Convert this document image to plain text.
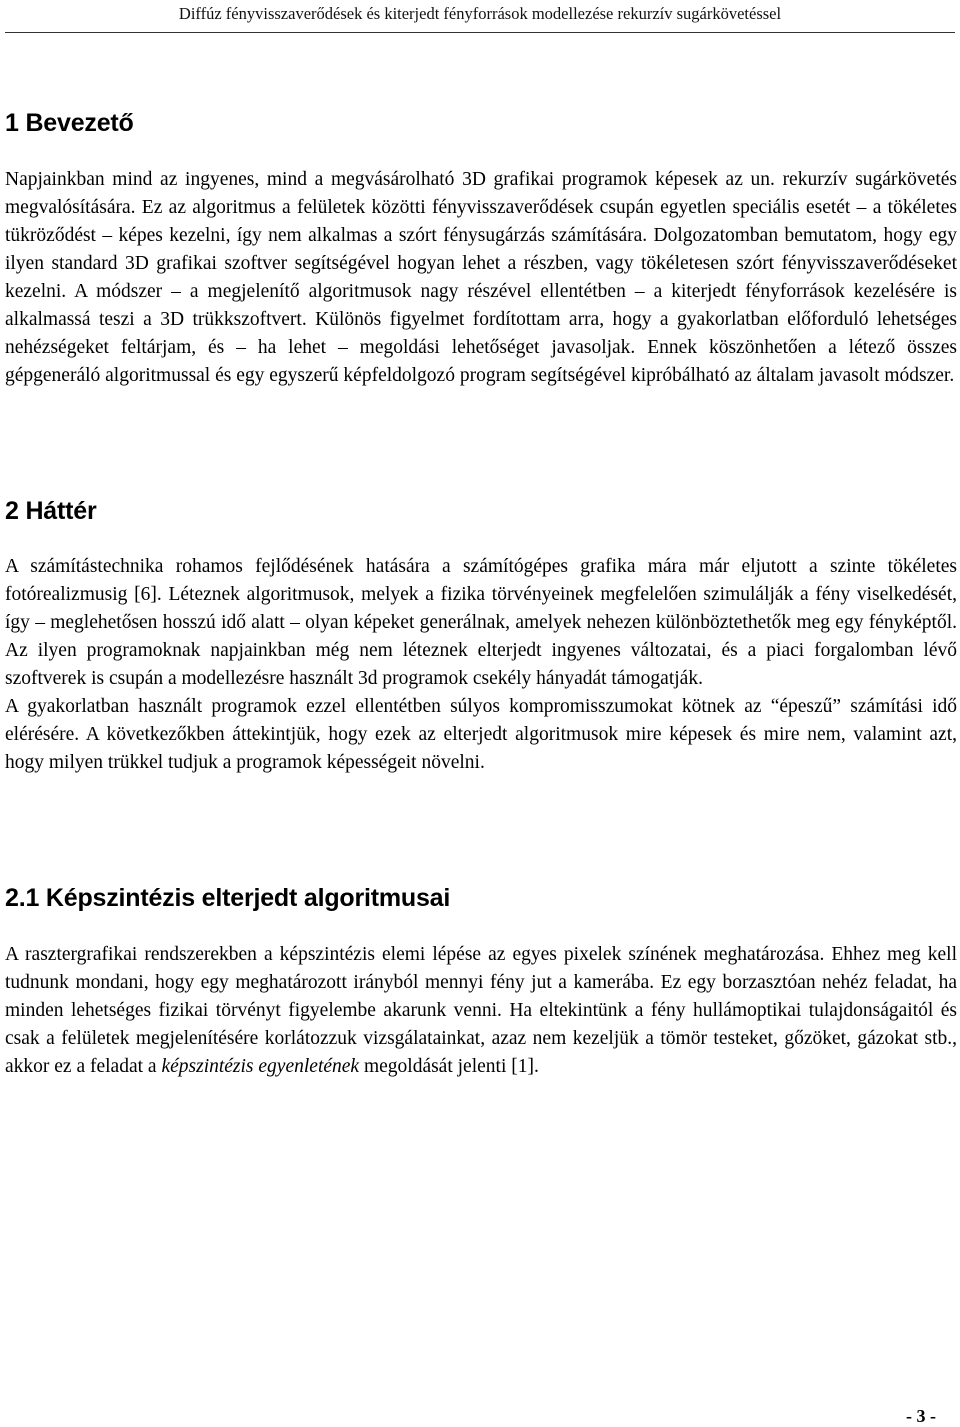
Diffúz fényvisszaverődések és kiterjedt fényforrások modellezése rekurzív sugárkövetéssel
1 Bevezető

Napjainkban mind az ingyenes, mind a megvásárolható 3D grafikai programok képesek az un. rekurzív sugárkövetés megvalósítására. Ez az algoritmus a felületek közötti fényvisszaverődések csupán egyetlen speciális esetét – a tökéletes tükröződést – képes kezelni, így nem alkalmas a szórt fénysugárzás számítására. Dolgozatomban bemutatom, hogy egy ilyen standard 3D grafikai szoftver segítségével hogyan lehet a részben, vagy tökéletesen szórt fényvisszaverődéseket kezelni. A módszer – a megjelenítő algoritmusok nagy részével ellentétben – a kiterjedt fényforrások kezelésére is alkalmassá teszi a 3D trükkszoftvert. Különös figyelmet fordítottam arra, hogy a gyakorlatban előforduló lehetséges nehézségeket feltárjam, és – ha lehet – megoldási lehetőséget javasoljak. Ennek köszönhetően a létező összes gépgeneráló algoritmussal és egy egyszerű képfeldolgozó program segítségével kipróbálható az általam javasolt módszer.

2 Háttér

A számítástechnika rohamos fejlődésének hatására a számítógépes grafika mára már eljutott a szinte tökéletes fotórealizmusig [6]. Léteznek algoritmusok, melyek a fizika törvényeinek megfelelően szimulálják a fény viselkedését, így – meglehetősen hosszú idő alatt – olyan képeket generálnak, amelyek nehezen különböztethetők meg egy fényképtől. Az ilyen programoknak napjainkban még nem léteznek elterjedt ingyenes változatai, és a piaci forgalomban lévő szoftverek is csupán a modellezésre használt 3d programok csekély hányadát támogatják.

A gyakorlatban használt programok ezzel ellentétben súlyos kompromisszumokat kötnek az “épeszű” számítási idő elérésére. A következőkben áttekintjük, hogy ezek az elterjedt algoritmusok mire képesek és mire nem, valamint azt, hogy milyen trükkel tudjuk a programok képességeit növelni.

2.1 Képszintézis elterjedt algoritmusai

A rasztergrafikai rendszerekben a képszintézis elemi lépése az egyes pixelek színének meghatározása. Ehhez meg kell tudnunk mondani, hogy egy meghatározott irányból mennyi fény jut a kamerába. Ez egy borzasztóan nehéz feladat, ha minden lehetséges fizikai törvényt figyelembe akarunk venni. Ha eltekintünk a fény hullámoptikai tulajdonságaitól és csak a felületek megjelenítésére korlátozzuk vizsgálatainkat, azaz nem kezeljük a tömör testeket, gőzöket, gázokat stb., akkor ez a feladat a képszintézis egyenletének megoldását jelenti [1].

- 3 -
